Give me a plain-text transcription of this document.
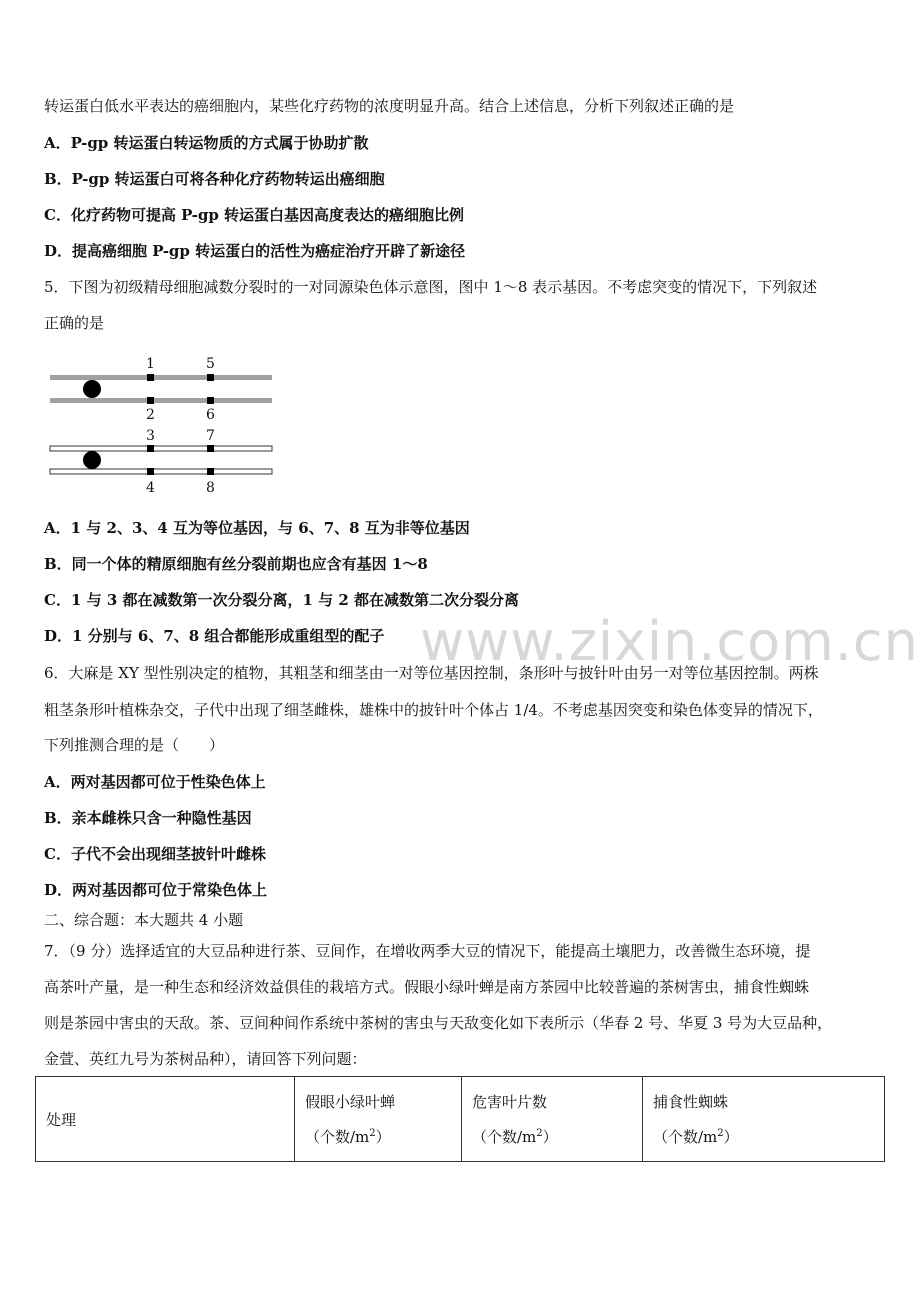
转运蛋白低水平表达的癌细胞内，某些化疗药物的浓度明显升高。结合上述信息，分析下列叙述正确的是
A．P-gp 转运蛋白转运物质的方式属于协助扩散
B．P-gp 转运蛋白可将各种化疗药物转运出癌细胞
C．化疗药物可提高 P-gp 转运蛋白基因高度表达的癌细胞比例
D．提高癌细胞 P-gp 转运蛋白的活性为癌症治疗开辟了新途径
5．下图为初级精母细胞减数分裂时的一对同源染色体示意图，图中 1～8 表示基因。不考虑突变的情况下，下列叙述
正确的是
1	5
2	6
3	7
4	8
A．1 与 2、3、4 互为等位基因，与 6、7、8 互为非等位基因
B．同一个体的精原细胞有丝分裂前期也应含有基因 1～8
C．1 与 3 都在减数第一次分裂分离，1 与 2 都在减数第二次分裂分离
D．1 分别与 6、7、8 组合都能形成重组型的配子 www.zixin.com.cn
6．大麻是 XY 型性别决定的植物，其粗茎和细茎由一对等位基因控制，条形叶与披针叶由另一对等位基因控制。两株
粗茎条形叶植株杂交，子代中出现了细茎雌株，雄株中的披针叶个体占 1/4。不考虑基因突变和染色体变异的情况下，
下列推测合理的是（　　）
A．两对基因都可位于性染色体上
B．亲本雌株只含一种隐性基因
C．子代不会出现细茎披针叶雌株
D．两对基因都可位于常染色体上
二、综合题：本大题共 4 小题
7．（9 分）选择适宜的大豆品种进行茶、豆间作，在增收两季大豆的情况下，能提高土壤肥力，改善微生态环境，提
高茶叶产量，是一种生态和经济效益俱佳的栽培方式。假眼小绿叶蝉是南方茶园中比较普遍的茶树害虫，捕食性蜘蛛
则是茶园中害虫的天敌。茶、豆间种间作系统中茶树的害虫与天敌变化如下表所示（华春 2 号、华夏 3 号为大豆品种，
金萱、英红九号为茶树品种），请回答下列问题：
处理	假眼小绿叶蝉
（个数$/m^2$）
	危害叶片数
（个数$/m^2$）
	捕食性蜘蛛
（个数$/m^2$）
